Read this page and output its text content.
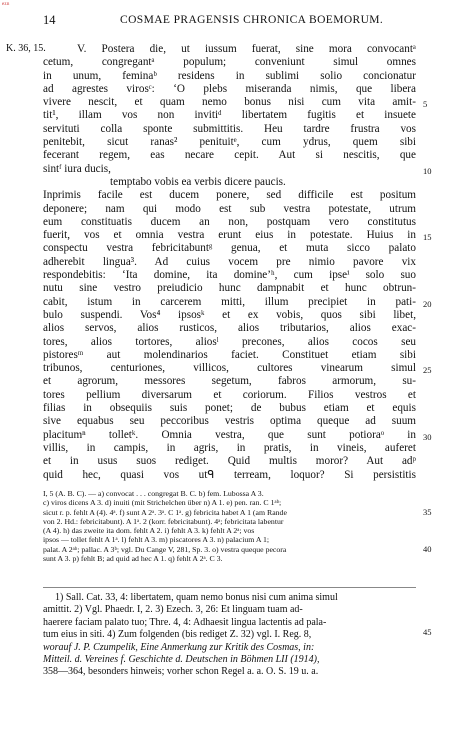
ezn
14	COSMAE PRAGENSIS CHRONICA BOEMORUM.
K. 36, 15.
5
10
15
20
25
30
V. Postera die, ut iussum fuerat, sine mora convocantᵃ
cetum, congregantᵃ populum; conveniunt simul omnes
in unum, feminaᵇ residens in sublimi solio concionatur
ad agrestes virosᶜ: ‘O plebs miseranda nimis, que libera
vivere nescit, et quam nemo bonus nisi cum vita amit-
tit¹, illam vos non invitiᵈ libertatem fugitis et insuete
servituti colla sponte submittitis. Heu tardre frustra vos
penitebit, sicut ranas² penituitᵉ, cum ydrus, quem sibi
fecerant regem, eas necare cepit. Aut si nescitis, que
sintᶠ iura ducis,
temptabo vobis ea verbis dicere paucis.
Inprimis facile est ducem ponere, sed difficile est positum
deponere; nam qui modo est sub vestra potestate, utrum
eum constituatis ducem an non, postquam vero constitutus
fuerit, vos et omnia vestra erunt eius in potestate. Huius in
conspectu vestra febricitabuntᵍ genua, et muta sicco palato
adherebit lingua³. Ad cuius vocem pre nimio pavore vix
respondebitis: ‘Ita domine, ita domine’ʰ, cum ipseⁱ solo suo
nutu sine vestro preiudicio hunc dampnabit et hunc obtrun-
cabit, istum in carcerem mitti, illum precipiet in pati-
bulo suspendi. Vos⁴ ipsosᵏ et ex vobis, quos sibi libet,
alios servos, alios rusticos, alios tributarios, alios exac-
tores, alios tortores, aliosˡ precones, alios cocos seu
pistoresᵐ aut molendinarios faciet. Constituet etiam sibi
tribunos, centuriones, villicos, cultores vinearum simul
et agrorum, messores segetum, fabros armorum, su-
tores pellium diversarum et coriorum. Filios vestros et
filias in obsequiis suis ponet; de bubus etiam et equis
sive equabus seu peccoribus vestris optima queque ad suum
placitumⁿ tolletᵏ. Omnia vestra, que sunt potioraᵒ in
villis, in campis, in agris, in pratis, in vineis, auferet
et in usus suos rediget. Quid multis moror? Aut adᵖ
quid hec, quasi vos utᑫ terream, loquor? Si persistitis
I, 5 (A. B. C). — a) convocat . . . congregat B. C. b) fem. Lubossa A 3.
c) viros dicens A 3. d) inuiti (mit Strichelchen über n) A 1. e) pen. ran. C 1ᵃᵇ;
sicut r. p. fehlt A (4). 4ᵃ. f) sunt A 2ᵃ. 3ᵃ. C 1ᵃ. g) febricita habet A 1 (am Rande
von 2. Hd.: febricitabunt). A 1ᵃ. 2 (korr. febricitabunt). 4ᵃ; febricitata labentur
(A 4). h) das zweite ita dom. fehlt A 2. i) fehlt A 3. k) fehlt A 2ᵃ; vos
ipsos — tollet fehlt A 1ᵃ. l) fehlt A 3. m) piscatores A 3. n) palacium A 1;
palat. A 2ᵃᵇ; pallac. A 3ᵇ; vgl. Du Cange V, 281, Sp. 3. o) vestra queque pecora
sunt A 3. p) fehlt B; ad quid ad hec A 1. q) fehlt A 2ᵃ. C 3.
35
40
1) Sall. Cat. 33, 4: libertatem, quam nemo bonus nisi cum anima simul
amittit. 2) Vgl. Phaedr. I, 2. 3) Ezech. 3, 26: Et linguam tuam ad-
haerere faciam palato tuo; Thre. 4, 4: Adhaesit lingua lactentis ad pala-
tum eius in siti. 4) Zum folgenden (bis rediget Z. 32) vgl. I. Reg. 8,
worauf J. P. Czumpelik, Eine Anmerkung zur Kritik des Cosmas, in:
Mitteil. d. Vereines f. Geschichte d. Deutschen in Böhmen LII (1914),
358—364, besonders hinweis; vorher schon Regel a. a. O. S. 19 u. a.
45
